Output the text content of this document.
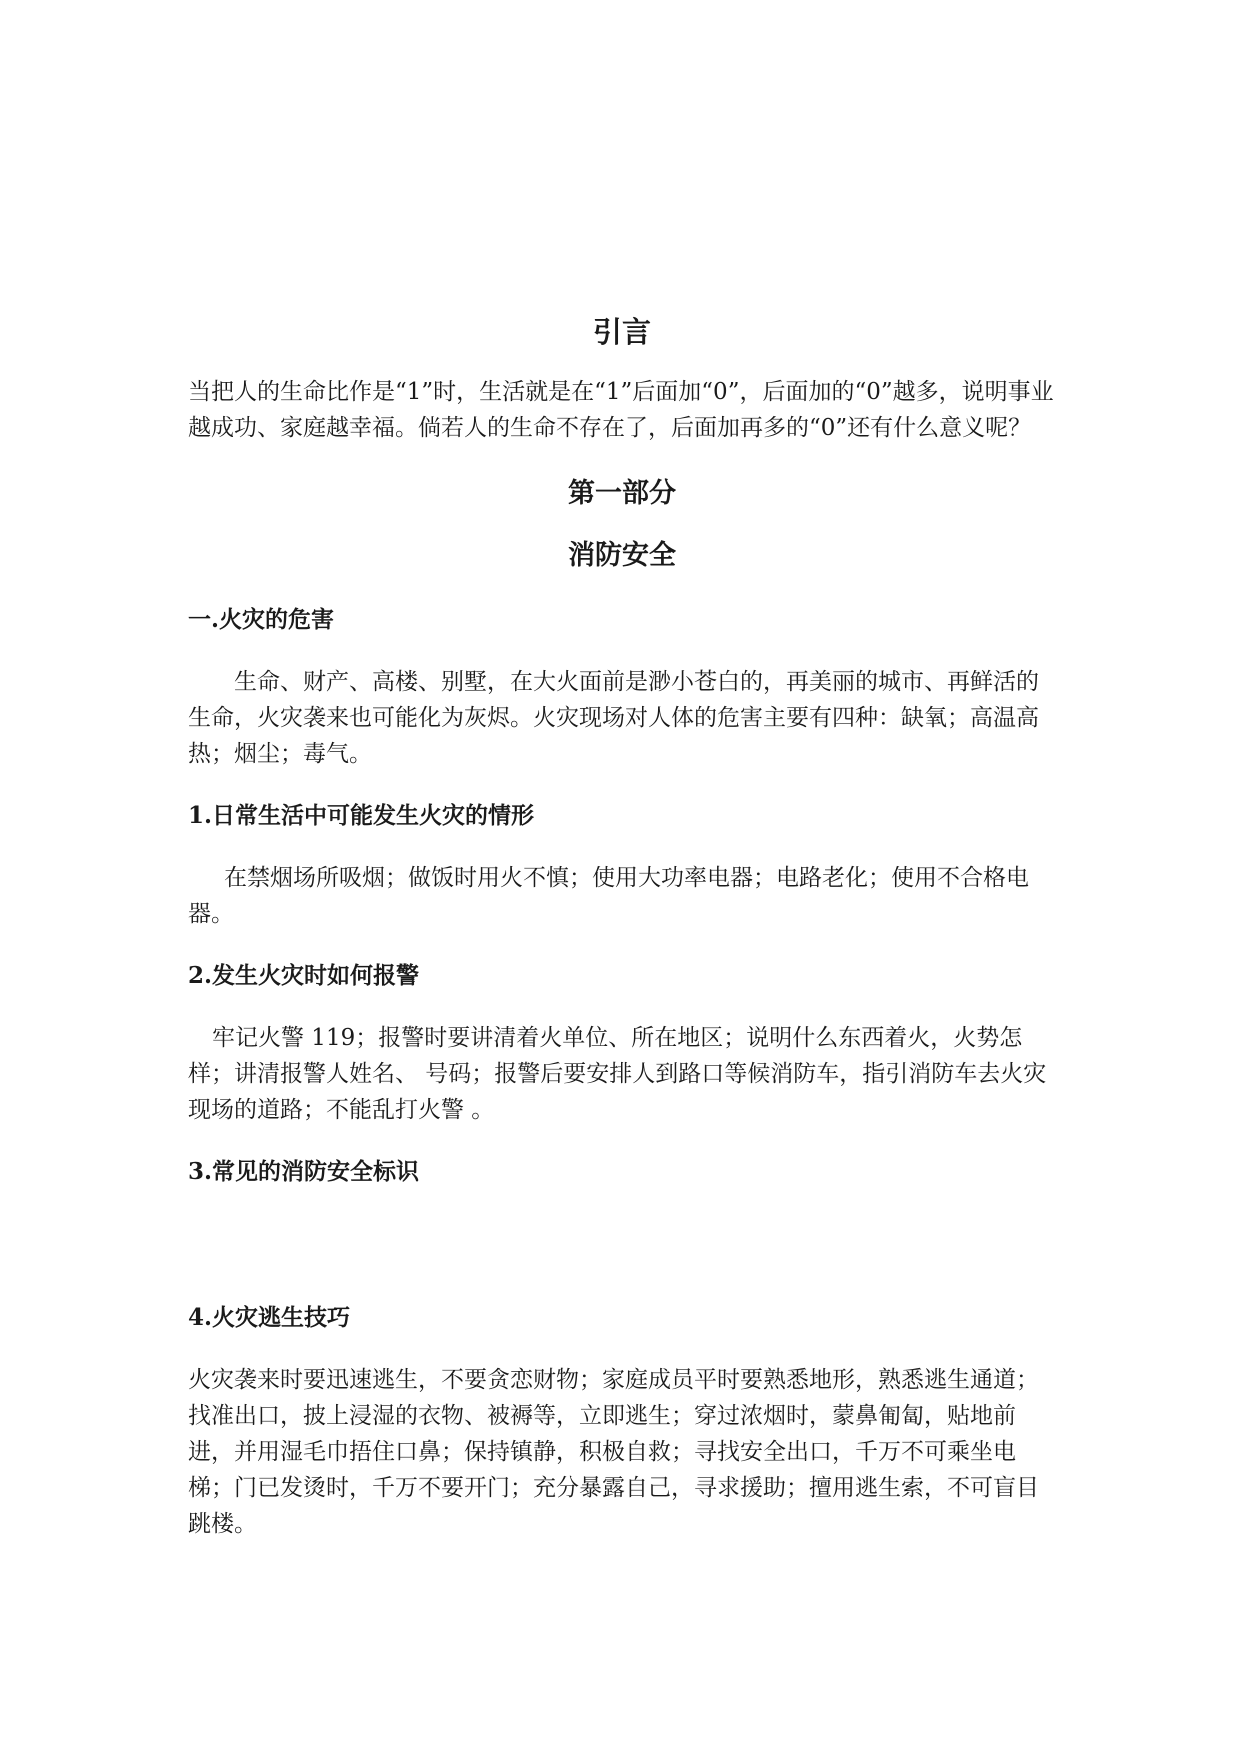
引言

当把人的生命比作是“1”时，生活就是在“1”后面加“0”，后面加的“0”越多，说明事业越成功、家庭越幸福。倘若人的生命不存在了，后面加再多的“0”还有什么意义呢？

第一部分
消防安全
一.火灾的危害

生命、财产、高楼、别墅，在大火面前是渺小苍白的，再美丽的城市、再鲜活的生命，火灾袭来也可能化为灰烬。火灾现场对人体的危害主要有四种：缺氧；高温高热；烟尘；毒气。

1.日常生活中可能发生火灾的情形

在禁烟场所吸烟；做饭时用火不慎；使用大功率电器；电路老化；使用不合格电器。

2.发生火灾时如何报警

牢记火警 119；报警时要讲清着火单位、所在地区；说明什么东西着火，火势怎样；讲清报警人姓名、 号码；报警后要安排人到路口等候消防车，指引消防车去火灾现场的道路；不能乱打火警 。

3.常见的消防安全标识
4.火灾逃生技巧

火灾袭来时要迅速逃生，不要贪恋财物；家庭成员平时要熟悉地形，熟悉逃生通道；找准出口，披上浸湿的衣物、被褥等，立即逃生；穿过浓烟时，蒙鼻匍匐，贴地前进，并用湿毛巾捂住口鼻；保持镇静，积极自救；寻找安全出口，千万不可乘坐电梯；门已发烫时，千万不要开门；充分暴露自己，寻求援助；擅用逃生索，不可盲目跳楼。
